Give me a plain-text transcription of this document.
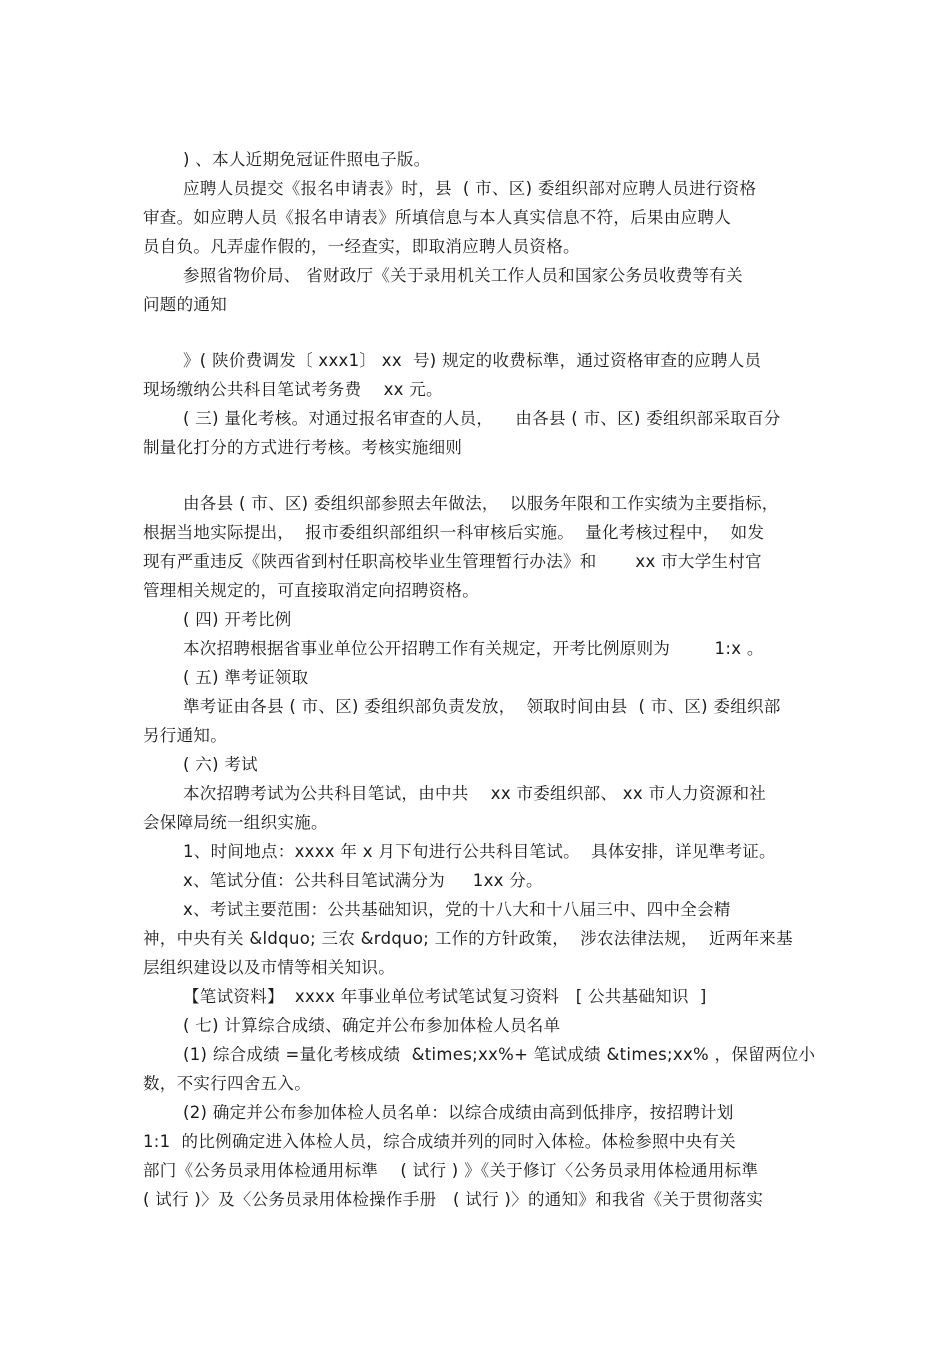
) 、本人近期免冠证件照电子版。
应聘人员提交《报名申请表》时，县  ( 市、区) 委组织部对应聘人员进行资格
审查。如应聘人员《报名申请表》所填信息与本人真实信息不符，后果由应聘人
员自负。凡弄虚作假的，一经查实，即取消应聘人员资格。
参照省物价局、 省财政厅《关于录用机关工作人员和国家公务员收费等有关
问题的通知
》( 陕价费调发〔 xxx1〕 xx  号) 规定的收费标準，通过资格审查的应聘人员
现场缴纳公共科目笔试考务费    xx 元。
( 三) 量化考核。对通过报名审查的人员，    由各县 ( 市、区) 委组织部采取百分
制量化打分的方式进行考核。考核实施细则
由各县 ( 市、区) 委组织部参照去年做法，  以服务年限和工作实绩为主要指标，
根据当地实际提出，  报市委组织部组织一科审核后实施。  量化考核过程中，  如发
现有严重违反《陕西省到村任职高校毕业生管理暂行办法》和       xx 市大学生村官
管理相关规定的，可直接取消定向招聘资格。
( 四) 开考比例
本次招聘根据省事业单位公开招聘工作有关规定，开考比例原则为        1:x 。
( 五) 準考证领取
準考证由各县 ( 市、区) 委组织部负责发放，  领取时间由县  ( 市、区) 委组织部
另行通知。
( 六) 考试
本次招聘考试为公共科目笔试，由中共    xx 市委组织部、 xx 市人力资源和社
会保障局统一组织实施。
1、时间地点：xxxx 年 x 月下旬进行公共科目笔试。  具体安排，详见準考证。
x、笔试分值：公共科目笔试满分为     1xx 分。
x、考试主要范围：公共基础知识，党的十八大和十八届三中、四中全会精
神，中央有关 &ldquo; 三农 &rdquo; 工作的方针政策，  涉农法律法规，  近两年来基
层组织建设以及市情等相关知识。
【笔试资料】  xxxx 年事业单位考试笔试复习资料   [ 公共基础知识  ]
( 七) 计算综合成绩、确定并公布参加体检人员名单
(1) 综合成绩 =量化考核成绩  &times;xx%+ 笔试成绩 &times;xx% ，保留两位小
数，不实行四舍五入。
(2) 确定并公布参加体检人员名单：以综合成绩由高到低排序，按招聘计划
1:1  的比例确定进入体检人员，综合成绩并列的同时入体检。体检参照中央有关
部门《公务员录用体检通用标準    ( 试行 ) 》《关于修订〈公务员录用体检通用标準
( 试行 )〉及〈公务员录用体检操作手册   ( 试行 )〉的通知》和我省《关于贯彻落实
